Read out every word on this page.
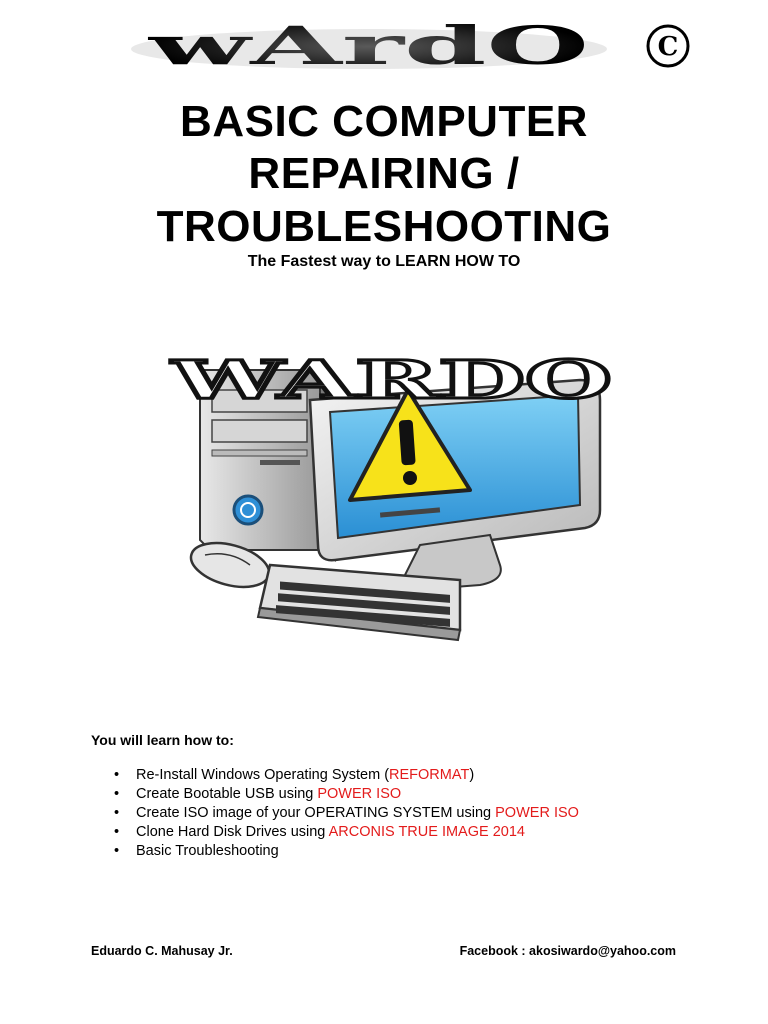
wArdO	C
BASIC COMPUTER
REPAIRING /
TROUBLESHOOTING
The Fastest way to LEARN HOW TO
WARDO
You will learn how to:
• Re-Install Windows Operating System (REFORMAT)
• Create Bootable USB using POWER ISO
• Create ISO image of your OPERATING SYSTEM using POWER ISO
• Clone Hard Disk Drives using ARCONIS TRUE IMAGE 2014
• Basic Troubleshooting
Eduardo C. Mahusay Jr.	Facebook : akosiwardo@yahoo.com
